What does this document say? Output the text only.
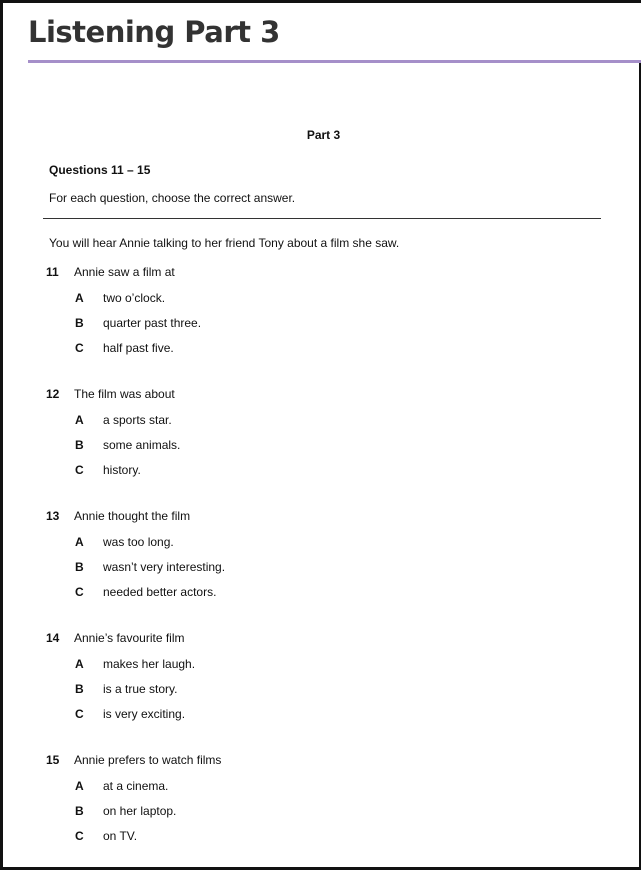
Listening Part 3
Part 3
Questions 11 – 15
For each question, choose the correct answer.
You will hear Annie talking to her friend Tony about a film she saw.
11 Annie saw a film at
A two o’clock.
B quarter past three.
C half past five.
12 The film was about
A a sports star.
B some animals.
C history.
13 Annie thought the film
A was too long.
B wasn’t very interesting.
C needed better actors.
14 Annie’s favourite film
A makes her laugh.
B is a true story.
C is very exciting.
15 Annie prefers to watch films
A at a cinema.
B on her laptop.
C on TV.
